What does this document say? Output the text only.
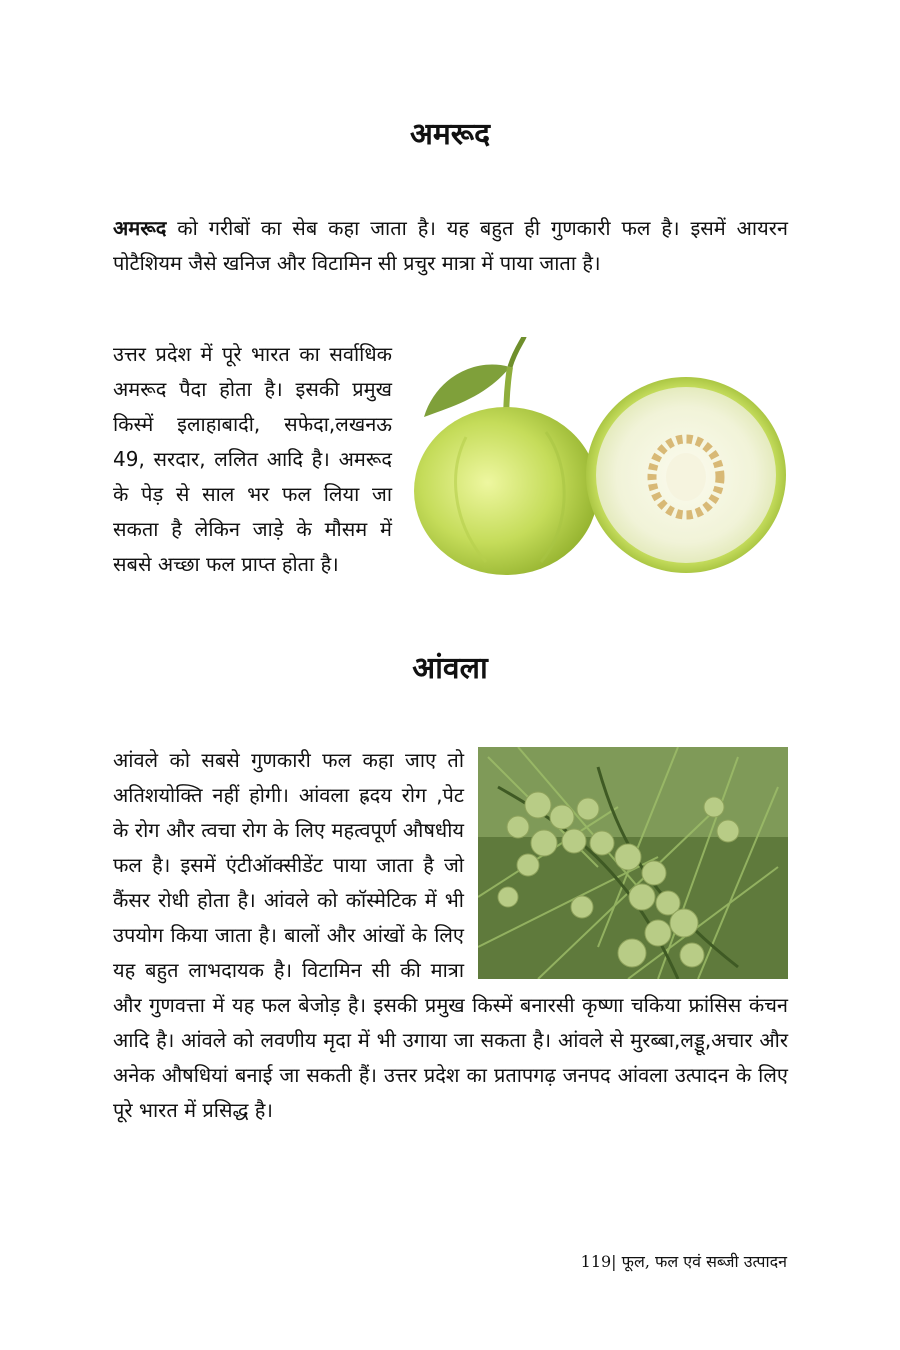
अमरूद

अमरूद को गरीबों का सेब कहा जाता है। यह बहुत ही गुणकारी फल है। इसमें आयरन पोटैशियम जैसे खनिज और विटामिन सी प्रचुर मात्रा में पाया जाता है।

उत्तर प्रदेश में पूरे भारत का सर्वाधिक अमरूद पैदा होता है। इसकी प्रमुख किस्में इलाहाबादी, सफेदा,लखनऊ 49, सरदार, ललित आदि है। अमरूद के पेड़ से साल भर फल लिया जा सकता है लेकिन जाड़े के मौसम में सबसे अच्छा फल प्राप्त होता है।
आंवला
आंवले को सबसे गुणकारी फल कहा जाए तो अतिशयोक्ति नहीं होगी। आंवला ह्रदय रोग ,पेट के रोग और त्वचा रोग के लिए महत्वपूर्ण औषधीय फल है। इसमें एंटीऑक्सीडेंट पाया जाता है जो कैंसर रोधी होता है। आंवले को कॉस्मेटिक में भी उपयोग किया जाता है। बालों और आंखों के लिए यह बहुत लाभदायक है। विटामिन सी की मात्रा और गुणवत्ता में यह फल बेजोड़ है। इसकी प्रमुख किस्में बनारसी कृष्णा चकिया फ्रांसिस कंचन आदि है। आंवले को लवणीय मृदा में भी उगाया जा सकता है। आंवले से मुरब्बा,लड्डू,अचार और अनेक औषधियां बनाई जा सकती हैं। उत्तर प्रदेश का प्रतापगढ़ जनपद आंवला उत्पादन के लिए पूरे भारत में प्रसिद्ध है।
119| फूल, फल एवं सब्जी उत्पादन
